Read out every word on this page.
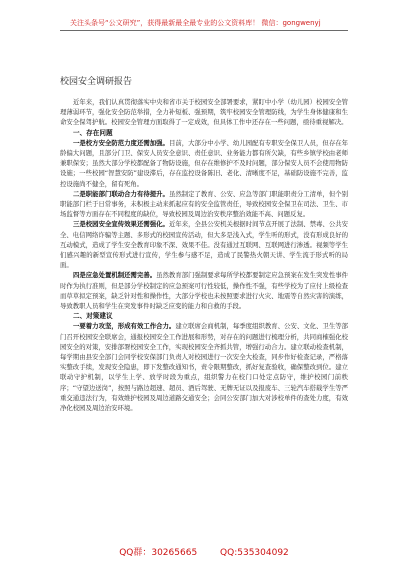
关注头条号“公文研究”，获得最新最全最专业的公文资料库！ 微信：gongwenyj
校园安全调研报告

近年来，我们认真贯彻落实中央和省市关于校园安全部署要求，紧盯中小学（幼儿园）校园安全管理薄弱环节，强化安全防范举措，全力补短板、强预期，筑牢校园安全管理防线，为学生身体健康和生命安全保驾护航。校园安全管理方面取得了一定成效，但具体工作中还存在一些问题，亟待重视解决。

一、存在问题

一是校方安全防范力度还需加强。目前，大部分中小学、幼儿园配有专职安全保卫人员，但存在年龄偏大问题，且部分门卫、保安人员安全意识、责任意识、业务能力都有所欠缺，有些乡镇学校由老师兼职保安；虽然大部分学校都配备了物防设施，但存在维修护不及时问题，部分保安人员不会使用物防设施；一些校园“智慧安防”建设滞后，存在监控设备陈旧、老化、清晰度不足，基础防设施不完善，监控设施尚不健全，留有死角。

二是职能部门联动合力有待提升。虽然制定了教育、公安、应急等部门职能职责分工清单，但个别职能部门栏于日常事务，未积极主动来抓起应有的安全监管责任，导致校园安全保卫在司法、卫生、市场监督等方面存在不同程度的缺位，导致校园及周边治安秩序整治效能不高、问题反复。

三是校园安全宣传效果还需强化。近年来，全县公安机关根据时间节点开展了法制、禁毒、公共安全、电信网络诈骗等主题、多形式的校园宣传活动，但大多是浅入式，学生听的形式，没有形成良好的互动模式，造成了学生安全教育印象不深、效果不佳。没有通过互联网、互联网进行渗透。视频等学生们感兴趣的新型宣传形式进行宣传，学生参与感不足，造成了民警热火朝天讲、学生流于形式听的局面。

四是应急处置机制还需完善。虽然教育部门强制要求每所学校都要制定应急预案在发生突发性事件时作为执行准则，但是部分学校制定的应急预案可行性较低，操作性不强，有些学校为了应付上级检查而草草拟定预案，缺乏针对性和操作性，大部分学校也未按照要求进行火灾、地震等自然灾害的演练，导致教职人员和学生在突发事件时缺乏应变的能力和自救的手段。

二、对策建议

一要着力攻坚，形成有效工作合力。建立联席会商机制，每季度组织教育、公安、文化、卫生等部门召开校园安全联席会，通报校园安全工作进展和形势，对存在的问题进行梳理分析，共同商榷强化校园安全的对策，安排部署校园安全工作，实现校园安全齐抓共管，增强行动合力。建立联动检查机制，每学期由县安全部门会同学校安保部门负责人对校园进行一次安全大检查，同步作好检查记录，严格落实整改手续，发现安全隐患，即下发整改通知书，责令限期整改，抓好复查验收，确保整改到位。建立联动守护机制，以学生上学、放学时段为重点，组织警力在校门口处定点防守，维护校园门前秩序；“守望边送岗”，按照与路边超速、超员、酒后驾驶、无牌无证以及报废车、三轮汽车搭载学生等严重交通违法行为，有效维护校园及周边道路交通安全；会同公安部门加大对涉校单件的查处力度，有效净化校园及周边治安环境。

QQ群：30265665	QQ:535304092
